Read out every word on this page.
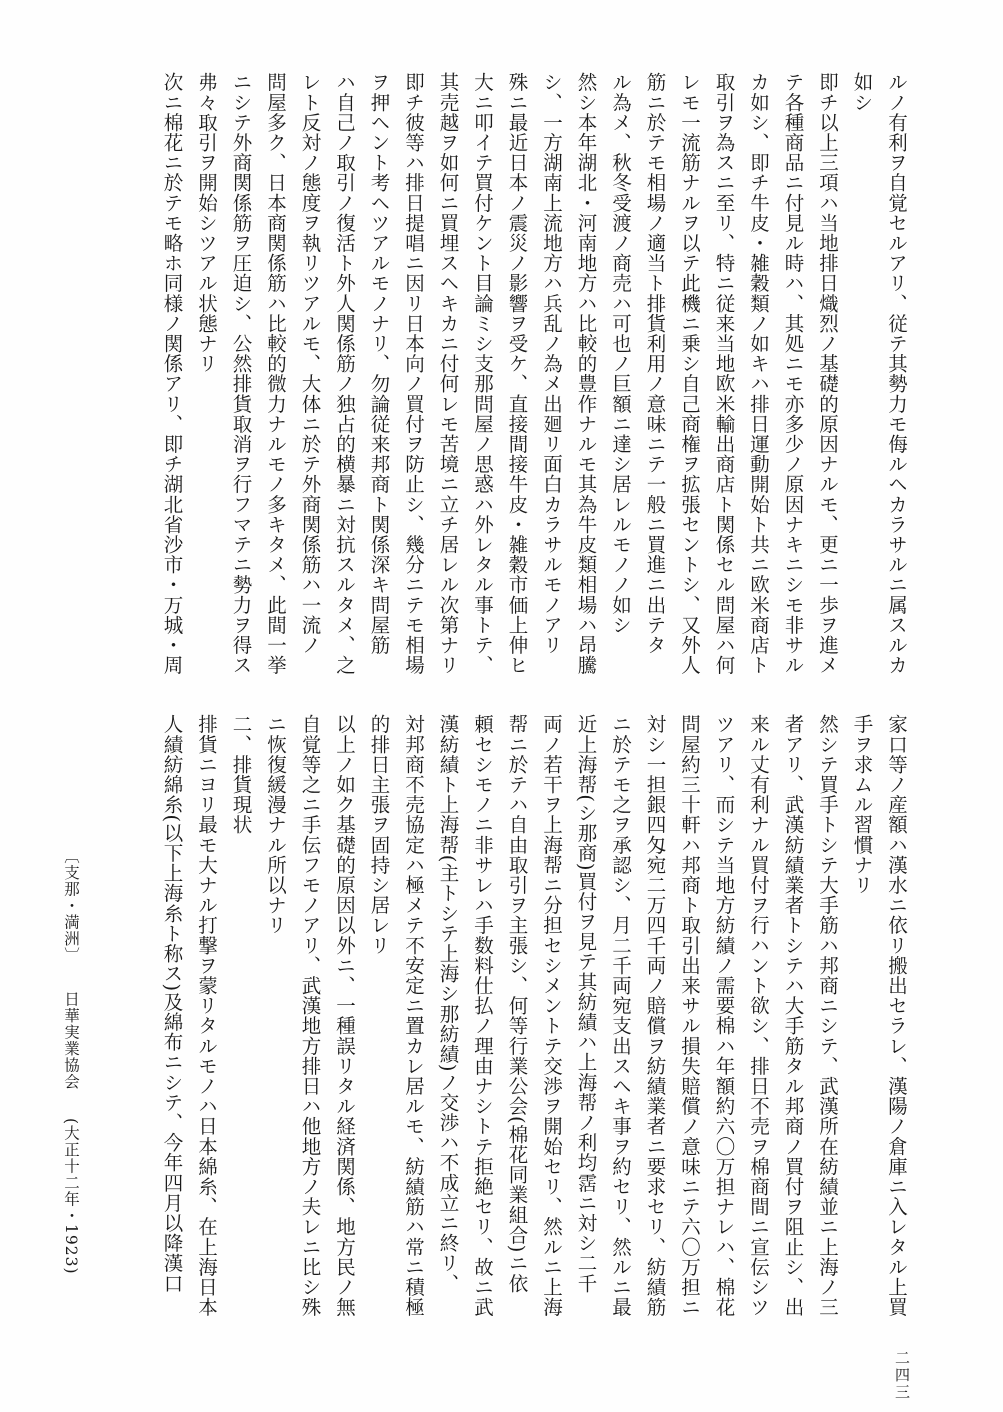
ルノ有利ヲ自覚セルアリ、従テ其勢力モ侮ルヘカラサルニ属スルカ

如シ

即チ以上三項ハ当地排日熾烈ノ基礎的原因ナルモ、更ニ一歩ヲ進メ

テ各種商品ニ付見ル時ハ、其処ニモ亦多少ノ原因ナキニシモ非サル

カ如シ、即チ牛皮・雑穀類ノ如キハ排日運動開始ト共ニ欧米商店ト

取引ヲ為スニ至リ、特ニ従来当地欧米輸出商店ト関係セル問屋ハ何

レモ一流筋ナルヲ以テ此機ニ乗シ自己商権ヲ拡張セントシ、又外人

筋ニ於テモ相場ノ適当ト排貨利用ノ意味ニテ一般ニ買進ニ出テタ

ル為メ、秋冬受渡ノ商売ハ可也ノ巨額ニ達シ居レルモノノ如シ

然シ本年湖北・河南地方ハ比較的豊作ナルモ其為牛皮類相場ハ昂騰

シ、一方湖南上流地方ハ兵乱ノ為メ出廻リ面白カラサルモノアリ

殊ニ最近日本ノ震災ノ影響ヲ受ケ、直接間接牛皮・雑穀市価上伸ヒ

大ニ叩イテ買付ケント目論ミシ支那問屋ノ思惑ハ外レタル事トテ、

其売越ヲ如何ニ買埋スヘキカニ付何レモ苦境ニ立チ居レル次第ナリ

即チ彼等ハ排日提唱ニ因リ日本向ノ買付ヲ防止シ、幾分ニテモ相場

ヲ押ヘント考ヘツアルモノナリ、勿論従来邦商ト関係深キ問屋筋

ハ自己ノ取引ノ復活ト外人関係筋ノ独占的横暴ニ対抗スルタメ、之

レト反対ノ態度ヲ執リツアルモ、大体ニ於テ外商関係筋ハ一流ノ

問屋多ク、日本商関係筋ハ比較的微力ナルモノ多キタメ、此間一挙

ニシテ外商関係筋ヲ圧迫シ、公然排貨取消ヲ行フマテニ勢力ヲ得ス

弗々取引ヲ開始シツアル状態ナリ

次ニ棉花ニ於テモ略ホ同様ノ関係アリ、即チ湖北省沙市・万城・周

家口等ノ産額ハ漢水ニ依リ搬出セラレ、漢陽ノ倉庫ニ入レタル上買

手ヲ求ムル習慣ナリ

然シテ買手トシテ大手筋ハ邦商ニシテ、武漢所在紡績並ニ上海ノ三

者アリ、武漢紡績業者トシテハ大手筋タル邦商ノ買付ヲ阻止シ、出

来ル丈有利ナル買付ヲ行ハント欲シ、排日不売ヲ棉商間ニ宣伝シツ

ツアリ、而シテ当地方紡績ノ需要棉ハ年額約六〇万担ナレハ、棉花

問屋約三十軒ハ邦商ト取引出来サル損失賠償ノ意味ニテ六〇万担ニ

対シ一担銀四匁宛二万四千両ノ賠償ヲ紡績業者ニ要求セリ、紡績筋

ニ於テモ之ヲ承認シ、月二千両宛支出スヘキ事ヲ約セリ、然ルニ最

近上海帮(シ那商)買付ヲ見テ其紡績ハ上海帮ノ利均霑ニ対シ二千

両ノ若干ヲ上海帮ニ分担セシメントテ交渉ヲ開始セリ、然ルニ上海

帮ニ於テハ自由取引ヲ主張シ、何等行業公会(棉花同業組合)ニ依

頼セシモノニ非サレハ手数料仕払ノ理由ナシトテ拒絶セリ、故ニ武

漢紡績ト上海帮(主トシテ上海シ那紡績)ノ交渉ハ不成立ニ終リ、

対邦商不売協定ハ極メテ不安定ニ置カレ居ルモ、紡績筋ハ常ニ積極

的排日主張ヲ固持シ居レリ

以上ノ如ク基礎的原因以外ニ、一種誤リタル経済関係、地方民ノ無

自覚等之ニ手伝フモノアリ、武漢地方排日ハ他地方ノ夫レニ比シ殊

ニ恢復緩漫ナル所以ナリ

二、排貨現状

排貨ニヨリ最モ大ナル打撃ヲ蒙リタルモノハ日本綿糸、在上海日本

人績紡綿糸(以下上海糸ト称ス)及綿布ニシテ、今年四月以降漢口

二四三
〔支那・満洲〕 日華実業協会 (大正十二年・1923)
